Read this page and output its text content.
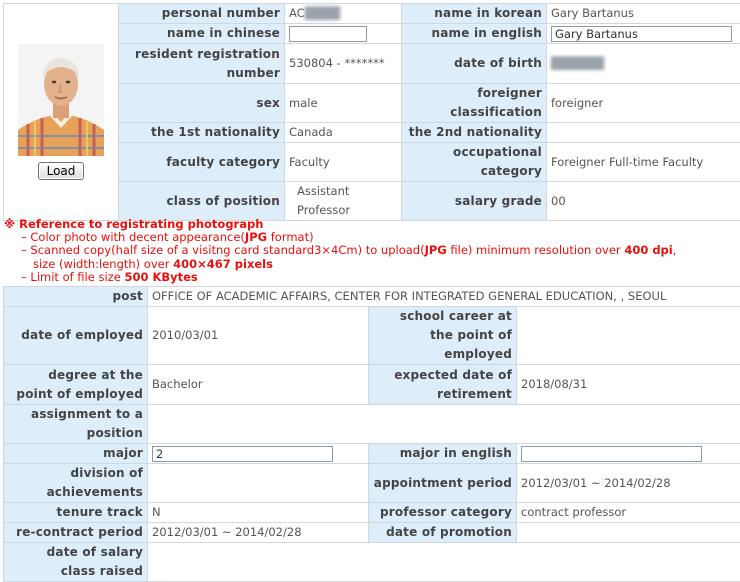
Load	personal number	AC████	name in korean	Gary Bartanus
	name in chinese		name in english	Gary Bartanus
	resident registration number	530804 - *******	date of birth	██████
	sex	male	foreigner classification	foreigner
	the 1st nationality	Canada	the 2nd nationality	
	faculty category	Faculty	occupational category	Foreigner Full-time Faculty
	class of position	Assistant Professor	salary grade	00
※ Reference to registrating photograph
– Color photo with decent appearance(JPG format)
– Scanned copy(half size of a visitng card standard3×4Cm) to upload(JPG file) minimum resolution over 400 dpi,
size (width:length) over 400×467 pixels
– Limit of file size 500 KBytes
post	OFFICE OF ACADEMIC AFFAIRS, CENTER FOR INTEGRATED GENERAL EDUCATION, , SEOUL		
date of employed	2010/03/01	school career at the point of employed	
degree at the point of employed	Bachelor	expected date of retirement	2018/08/31
assignment to a position			
major	2	major in english	
division of achievements		appointment period	2012/03/01 ~ 2014/02/28
tenure track	N	professor category	contract professor
re-contract period	2012/03/01 ~ 2014/02/28	date of promotion	
date of salary class raised			
